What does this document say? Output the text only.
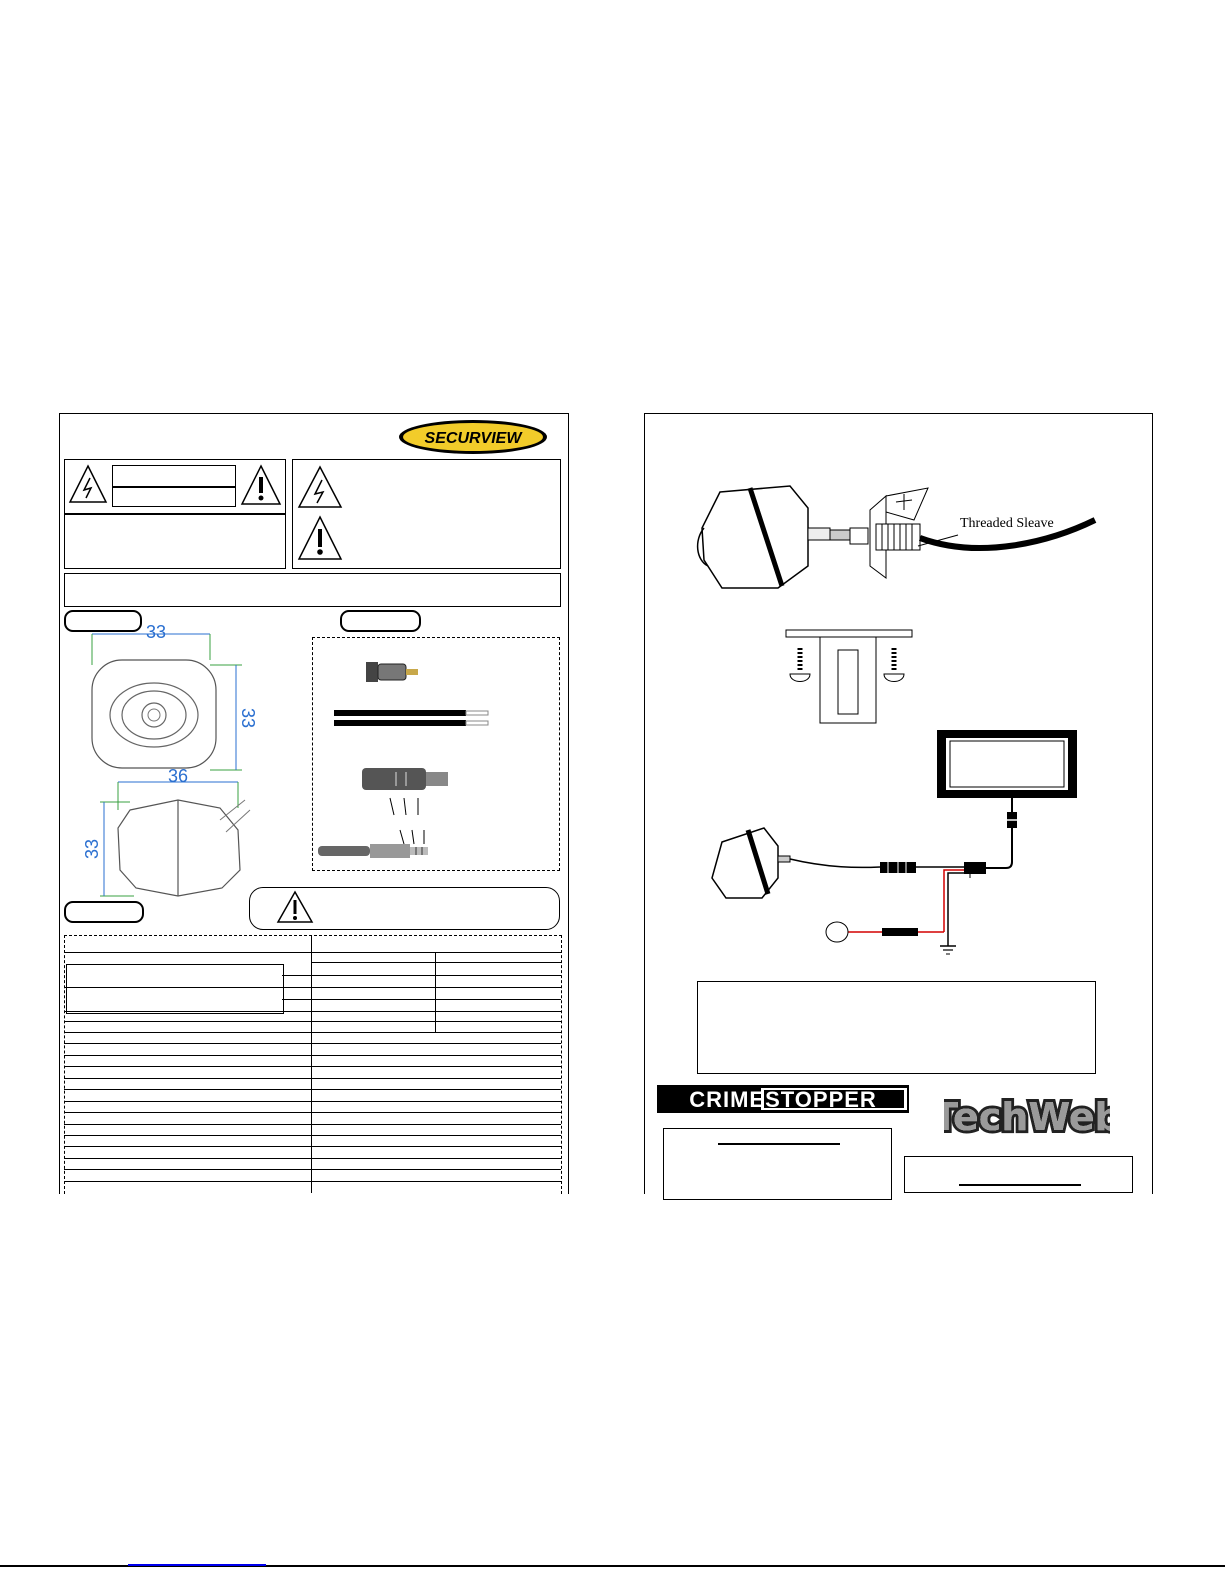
SECURVIEW
33
33
36
33
Threaded Sleave
CRIMESTOPPER	echWeb
echWeb
